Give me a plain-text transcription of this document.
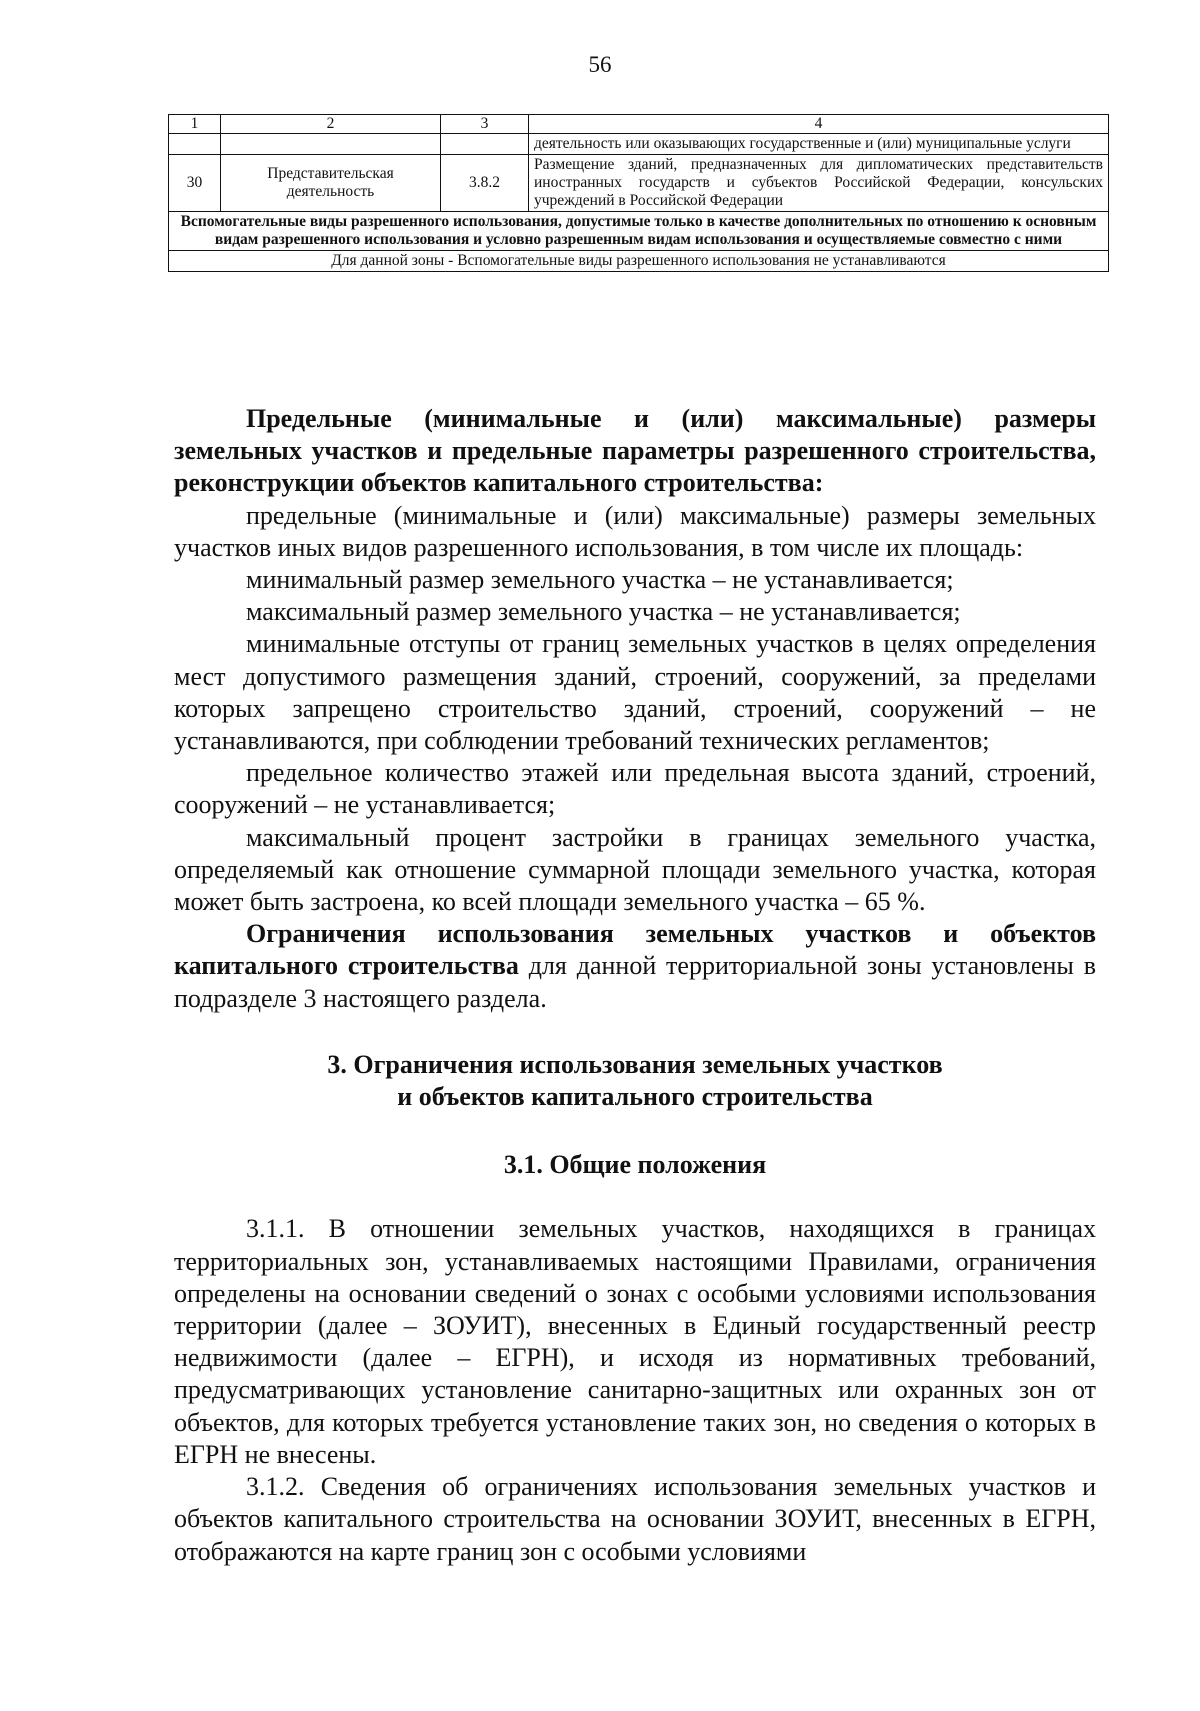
56
1	2	3	4
			деятельность или оказывающих государственные и (или) муниципальные услуги
30	Представительская деятельность	3.8.2	Размещение зданий, предназначенных для дипломатических представительств иностранных государств и субъектов Российской Федерации, консульских учреждений в Российской Федерации
Вспомогательные виды разрешенного использования, допустимые только в качестве дополнительных по отношению к основным видам разрешенного использования и условно разрешенным видам использования и осуществляемые совместно с ними			
Для данной зоны - Вспомогательные виды разрешенного использования не устанавливаются			

Предельные (минимальные и (или) максимальные) размеры земельных участков и предельные параметры разрешенного строительства, реконструкции объектов капитального строительства:

предельные (минимальные и (или) максимальные) размеры земельных участков иных видов разрешенного использования, в том числе их площадь:

минимальный размер земельного участка – не устанавливается;

максимальный размер земельного участка – не устанавливается;

минимальные отступы от границ земельных участков в целях определения мест допустимого размещения зданий, строений, сооружений, за пределами которых запрещено строительство зданий, строений, сооружений – не устанавливаются, при соблюдении требований технических регламентов;

предельное количество этажей или предельная высота зданий, строений, сооружений – не устанавливается;

максимальный процент застройки в границах земельного участка, определяемый как отношение суммарной площади земельного участка, которая может быть застроена, ко всей площади земельного участка – 65 %.

Ограничения использования земельных участков и объектов капитального строительства для данной территориальной зоны установлены в подразделе 3 настоящего раздела.

3. Ограничения использования земельных участков
и объектов капитального строительства
3.1. Общие положения

3.1.1. В отношении земельных участков, находящихся в границах территориальных зон, устанавливаемых настоящими Правилами, ограничения определены на основании сведений о зонах с особыми условиями использования территории (далее – ЗОУИТ), внесенных в Единый государственный реестр недвижимости (далее – ЕГРН), и исходя из нормативных требований, предусматривающих установление санитарно-защитных или охранных зон от объектов, для которых требуется установление таких зон, но сведения о которых в ЕГРН не внесены.

3.1.2. Сведения об ограничениях использования земельных участков и объектов капитального строительства на основании ЗОУИТ, внесенных в ЕГРН, отображаются на карте границ зон с особыми условиями
